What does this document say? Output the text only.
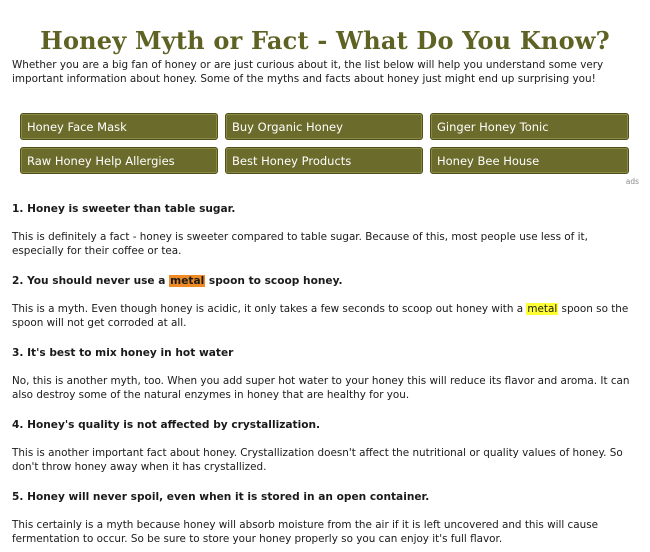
Honey Myth or Fact - What Do You Know?

Whether you are a big fan of honey or are just curious about it, the list below will help you understand some very important information about honey. Some of the myths and facts about honey just might end up surprising you!

Honey Face Mask	Buy Organic Honey	Ginger Honey Tonic
Raw Honey Help Allergies	Best Honey Products	Honey Bee House
ads

1. Honey is sweeter than table sugar.

This is definitely a fact - honey is sweeter compared to table sugar. Because of this, most people use less of it, especially for their coffee or tea.

2. You should never use a metal spoon to scoop honey.

This is a myth. Even though honey is acidic, it only takes a few seconds to scoop out honey with a metal spoon so the spoon will not get corroded at all.

3. It's best to mix honey in hot water

No, this is another myth, too. When you add super hot water to your honey this will reduce its flavor and aroma. It can also destroy some of the natural enzymes in honey that are healthy for you.

4. Honey's quality is not affected by crystallization.

This is another important fact about honey. Crystallization doesn't affect the nutritional or quality values of honey. So don't throw honey away when it has crystallized.

5. Honey will never spoil, even when it is stored in an open container.

This certainly is a myth because honey will absorb moisture from the air if it is left uncovered and this will cause fermentation to occur. So be sure to store your honey properly so you can enjoy it's full flavor.
